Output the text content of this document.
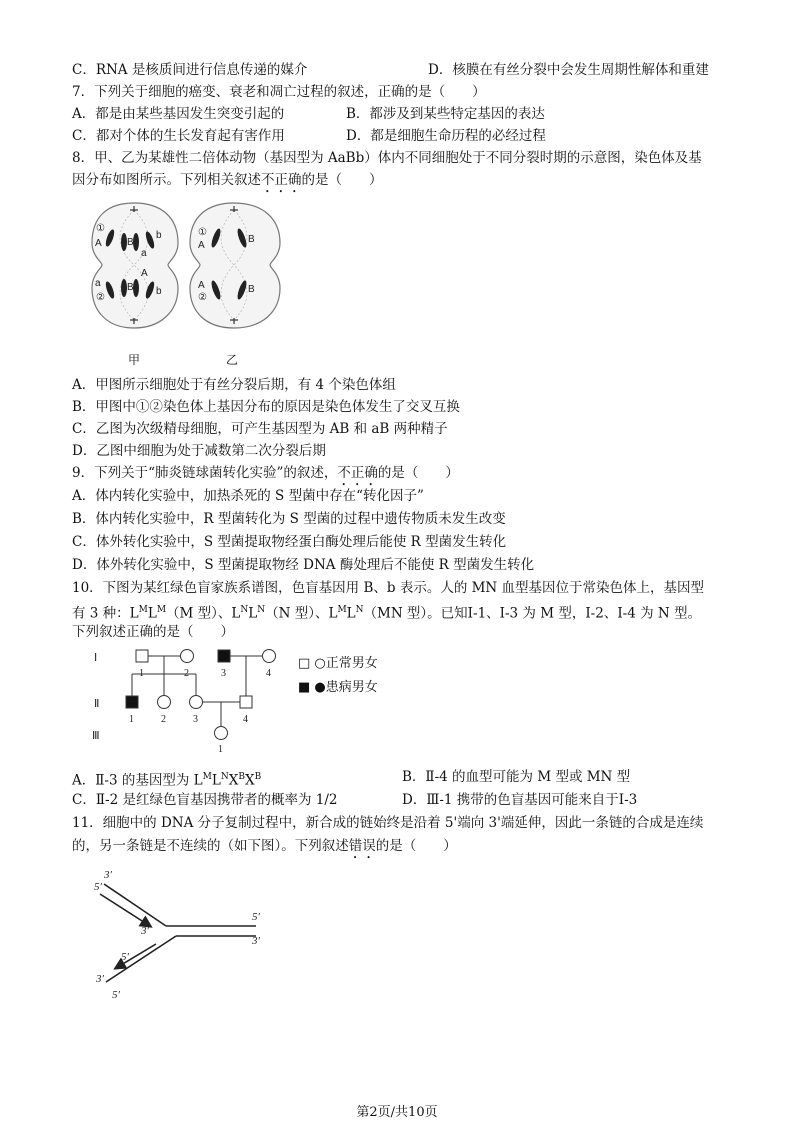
C．RNA 是核质间进行信息传递的媒介	D．核膜在有丝分裂中会发生周期性解体和重建
7．下列关于细胞的癌变、衰老和凋亡过程的叙述，正确的是（　　）
A．都是由某些基因发生突变引起的	B．都涉及到某些特定基因的表达
C．都对个体的生长发育起有害作用	D．都是细胞生命历程的必经过程
8．甲、乙为某雄性二倍体动物（基因型为 AaBb）体内不同细胞处于不同分裂时期的示意图，染色体及基
因分布如图所示。下列相关叙述不正确的是（　　）
①
A	B
a
b
a	B b
②
A
①
A
B
②
A	B
甲	乙
A．甲图所示细胞处于有丝分裂后期，有 4 个染色体组
B．甲图中①②染色体上基因分布的原因是染色体发生了交叉互换
C．乙图为次级精母细胞，可产生基因型为 AB 和 aB 两种精子
D．乙图中细胞为处于减数第二次分裂后期
9．下列关于“肺炎链球菌转化实验”的叙述，不正确的是（　　）
A．体内转化实验中，加热杀死的 S 型菌中存在“转化因子”
B．体内转化实验中，R 型菌转化为 S 型菌的过程中遗传物质未发生改变
C．体外转化实验中，S 型菌提取物经蛋白酶处理后能使 R 型菌发生转化
D．体外转化实验中，S 型菌提取物经 DNA 酶处理后不能使 R 型菌发生转化
10．下图为某红绿色盲家族系谱图，色盲基因用 B、b 表示。人的 MN 血型基因位于常染色体上，基因型
有 3 种：$L^ML^M(M$ 型）、$L^NL^N(N$ 型）、$L^ML^N(MN$ 型）。已知Ⅰ-1、Ⅰ-3 为 M 型，Ⅰ-2、Ⅰ-4 为 N 型。
下列叙述正确的是（　　）
Ⅰ
Ⅱ
Ⅲ
1	2	3	4
1	2	3	4
1
□ ○正常男女
■ ●患病男女
A．Ⅱ-3 的基因型为 $L^ML^NX^BX^B$	B．Ⅱ-4 的血型可能为 M 型或 MN 型
C．Ⅱ-2 是红绿色盲基因携带者的概率为 1/2	D．Ⅲ-1 携带的色盲基因可能来自于Ⅰ-3
11．细胞中的 DNA 分子复制过程中，新合成的链始终是沿着 5'端向 3'端延伸，因此一条链的合成是连续
的，另一条链是不连续的（如下图）。下列叙述错误的是（　　）
3′
5′
3′
5′
3′
5′
3′
5′
第2页/共10页
